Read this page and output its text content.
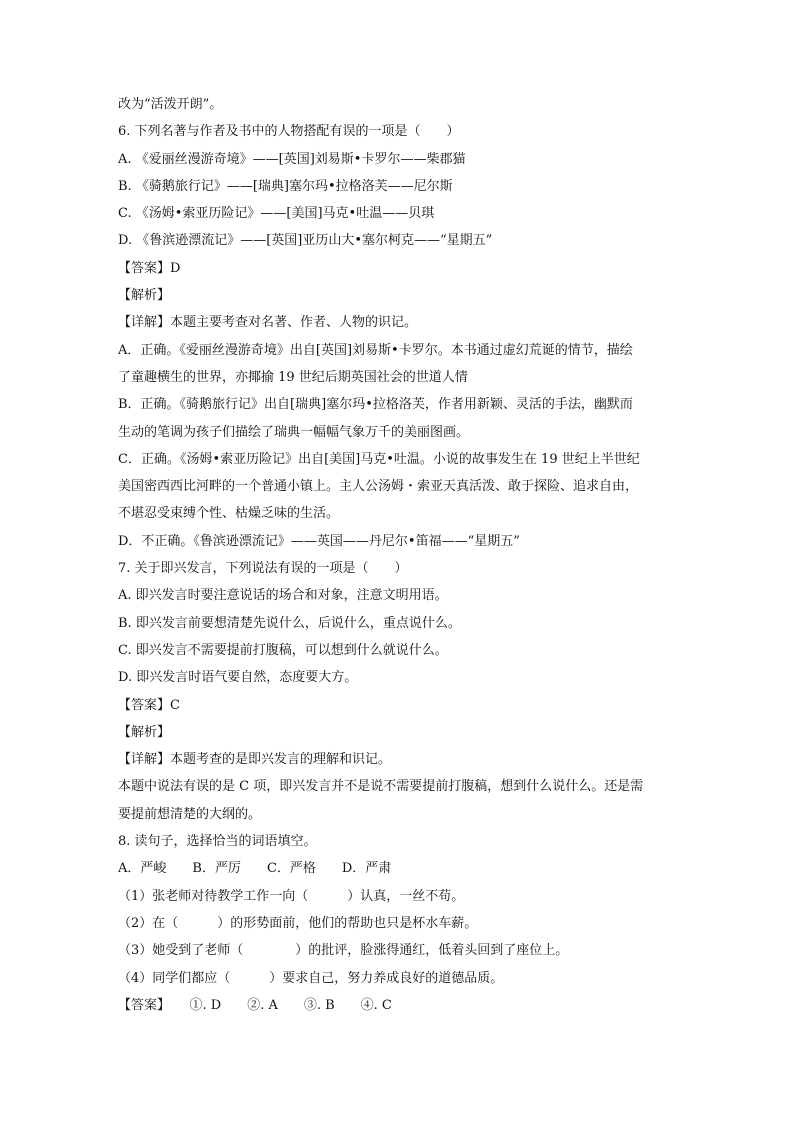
改为“活泼开朗”。
6. 下列名著与作者及书中的人物搭配有误的一项是（　　）
A. 《爱丽丝漫游奇境》——[英国]刘易斯•卡罗尔——柴郡猫
B. 《骑鹅旅行记》——[瑞典]塞尔玛•拉格洛芙——尼尔斯
C. 《汤姆•索亚历险记》——[美国]马克•吐温——贝琪
D. 《鲁滨逊漂流记》——[英国]亚历山大•塞尔柯克——“星期五”
【答案】D
【解析】
【详解】本题主要考查对名著、作者、人物的识记。
A．正确。《爱丽丝漫游奇境》出自[英国]刘易斯•卡罗尔。本书通过虚幻荒诞的情节，描绘
了童趣横生的世界，亦揶揄 19 世纪后期英国社会的世道人情
B．正确。《骑鹅旅行记》出自[瑞典]塞尔玛•拉格洛芙，作者用新颖、灵活的手法，幽默而
生动的笔调为孩子们描绘了瑞典一幅幅气象万千的美丽图画。
C．正确。《汤姆•索亚历险记》出自[美国]马克•吐温。小说的故事发生在 19 世纪上半世纪
美国密西西比河畔的一个普通小镇上。主人公汤姆・索亚天真活泼、敢于探险、追求自由，
不堪忍受束缚个性、枯燥乏味的生活。
D．不正确。《鲁滨逊漂流记》——英国——丹尼尔•笛福——“星期五”
7. 关于即兴发言，下列说法有误的一项是（　　）
A. 即兴发言时要注意说话的场合和对象，注意文明用语。
B. 即兴发言前要想清楚先说什么，后说什么，重点说什么。
C. 即兴发言不需要提前打腹稿，可以想到什么就说什么。
D. 即兴发言时语气要自然，态度要大方。
【答案】C
【解析】
【详解】本题考查的是即兴发言的理解和识记。
本题中说法有误的是 C 项，即兴发言并不是说不需要提前打腹稿，想到什么说什么。还是需
要提前想清楚的大纲的。
8. 读句子，选择恰当的词语填空。
A．严峻　　B．严厉　　C．严格　　D．严肃
（1）张老师对待教学工作一向（　　　）认真，一丝不苟。
（2）在（　　　）的形势面前，他们的帮助也只是杯水车薪。
（3）她受到了老师（　　　　）的批评，脸涨得通红，低着头回到了座位上。
（4）同学们都应（　　　）要求自己，努力养成良好的道德品质。
【答案】　　①. D　　②. A　　③. B　　④. C
